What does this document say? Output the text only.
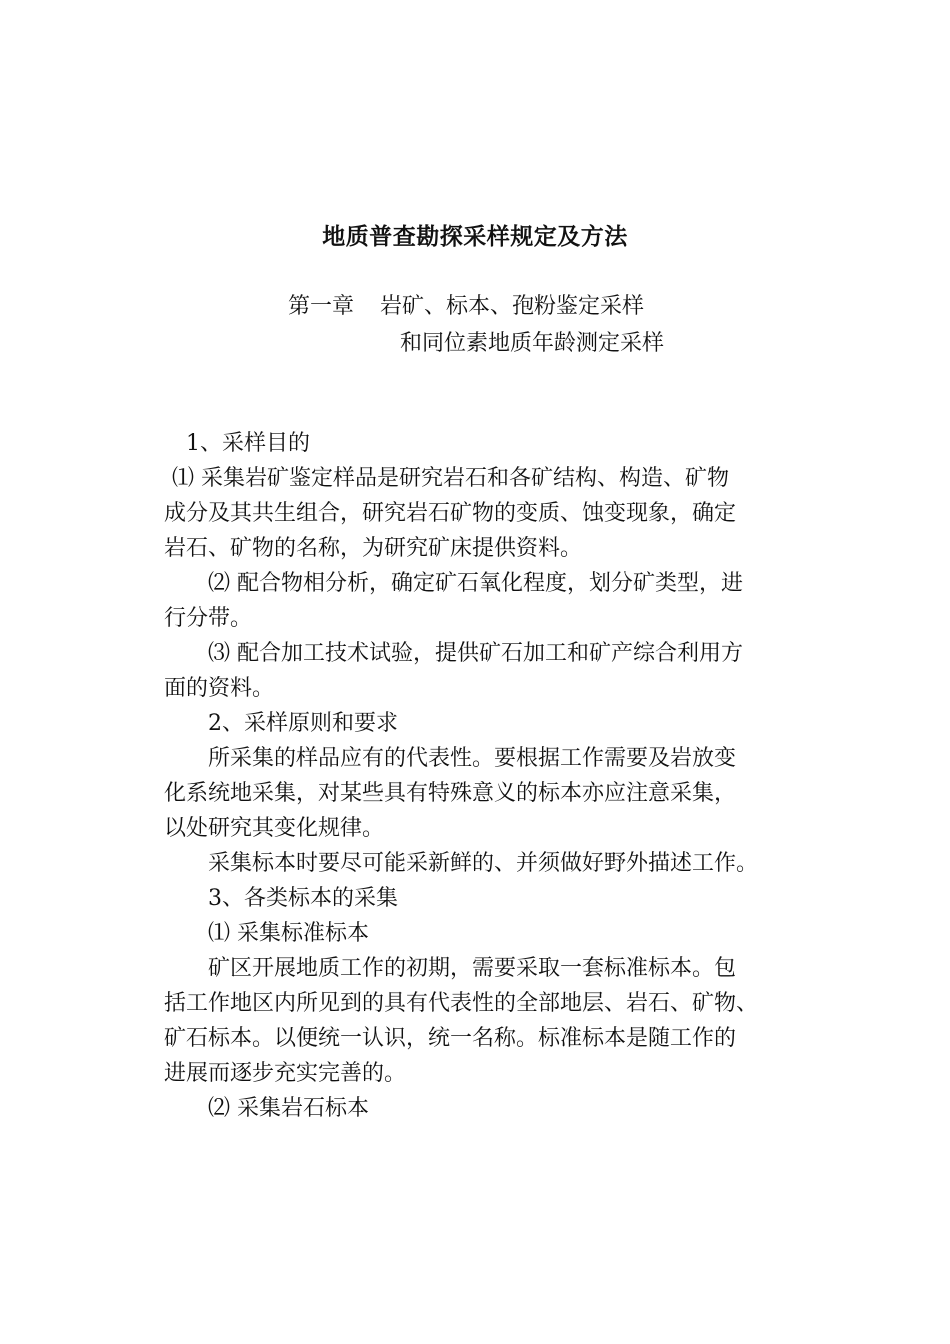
地质普查勘探采样规定及方法
第一章 岩矿、标本、孢粉鉴定采样
和同位素地质年龄测定采样

1、采样目的

⑴ 采集岩矿鉴定样品是研究岩石和各矿结构、构造、矿物

成分及其共生组合，研究岩石矿物的变质、蚀变现象，确定

岩石、矿物的名称，为研究矿床提供资料。

⑵ 配合物相分析，确定矿石氧化程度，划分矿类型，进

行分带。

⑶ 配合加工技术试验，提供矿石加工和矿产综合利用方

面的资料。

2、采样原则和要求

所采集的样品应有的代表性。要根据工作需要及岩放变

化系统地采集，对某些具有特殊意义的标本亦应注意采集，

以处研究其变化规律。

采集标本时要尽可能采新鲜的、并须做好野外描述工作。

3、各类标本的采集

⑴ 采集标准标本

矿区开展地质工作的初期，需要采取一套标准标本。包

括工作地区内所见到的具有代表性的全部地层、岩石、矿物、

矿石标本。以便统一认识，统一名称。标准标本是随工作的

进展而逐步充实完善的。

⑵ 采集岩石标本
